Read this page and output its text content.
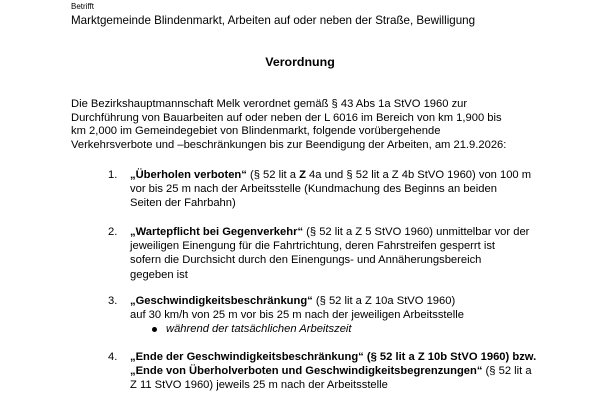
Betrifft
Marktgemeinde Blindenmarkt, Arbeiten auf oder neben der Straße, Bewilligung
Verordnung
Die Bezirkshauptmannschaft Melk verordnet gemäß § 43 Abs 1a StVO 1960 zur
Durchführung von Bauarbeiten auf oder neben der L 6016 im Bereich von km 1,900 bis
km 2,000 im Gemeindegebiet von Blindenmarkt, folgende vorübergehende
Verkehrsverbote und –beschränkungen bis zur Beendigung der Arbeiten, am 21.9.2026:
1.	„Überholen verboten“ (§ 52 lit a Z 4a und § 52 lit a Z 4b StVO 1960) von 100 m
vor bis 25 m nach der Arbeitsstelle (Kundmachung des Beginns an beiden
Seiten der Fahrbahn)
2.	„Wartepflicht bei Gegenverkehr“ (§ 52 lit a Z 5 StVO 1960) unmittelbar vor der
jeweiligen Einengung für die Fahrtrichtung, deren Fahrstreifen gesperrt ist
sofern die Durchsicht durch den Einengungs- und Annäherungsbereich
gegeben ist
3.	„Geschwindigkeitsbeschränkung“ (§ 52 lit a Z 10a StVO 1960)
auf 30 km/h von 25 m vor bis 25 m nach der jeweiligen Arbeitsstelle
während der tatsächlichen Arbeitszeit
4.	„Ende der Geschwindigkeitsbeschränkung“ (§ 52 lit a Z 10b StVO 1960) bzw.
„Ende von Überholverboten und Geschwindigkeitsbegrenzungen“ (§ 52 lit a
Z 11 StVO 1960) jeweils 25 m nach der Arbeitsstelle
